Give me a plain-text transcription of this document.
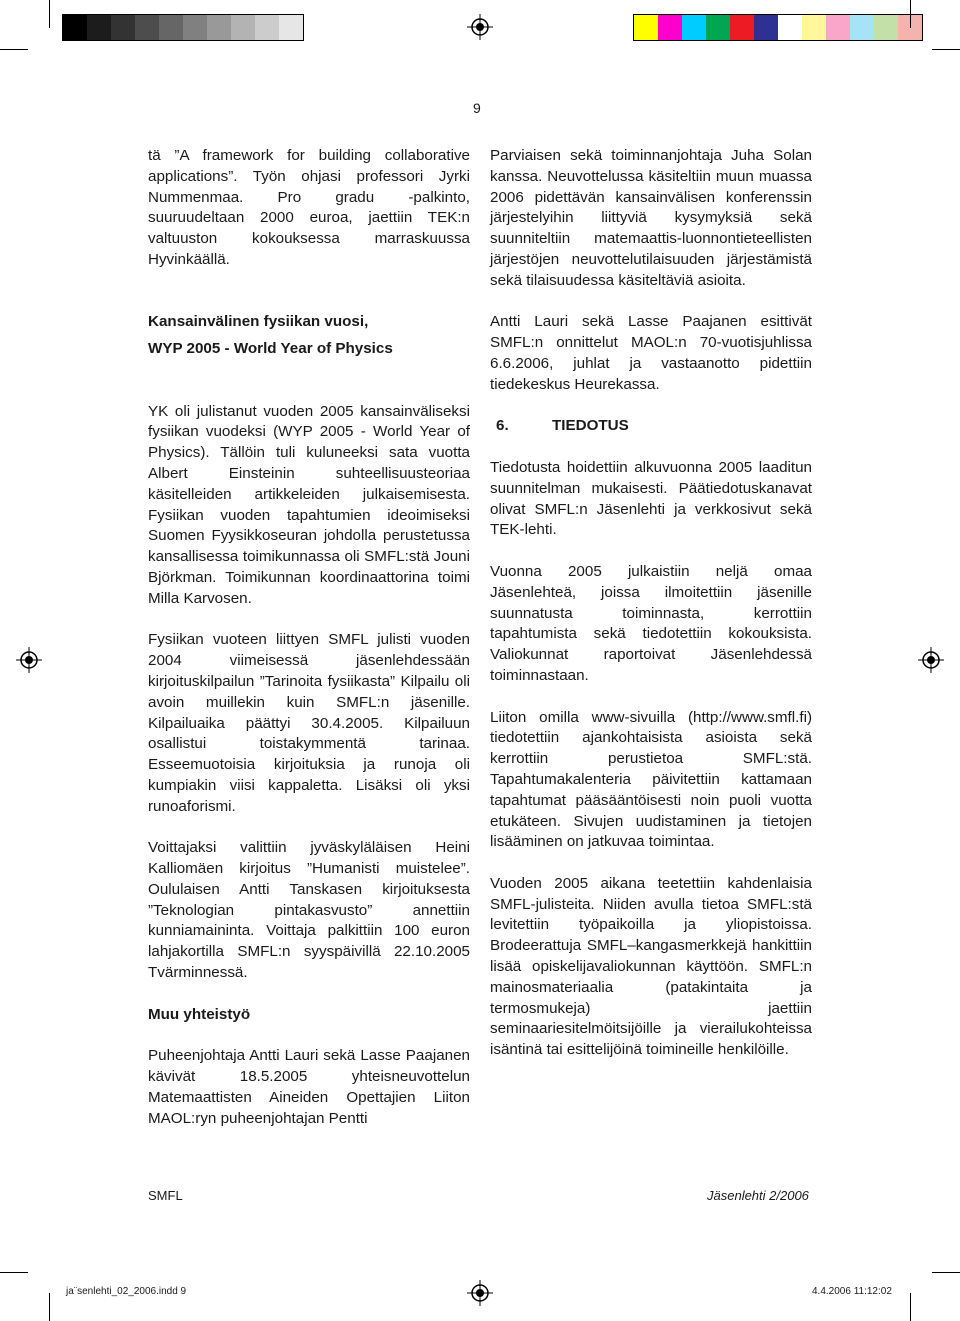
9

tä ”A framework for building collaborative applications”. Työn ohjasi professori Jyrki Nummenmaa. Pro gradu -palkinto, suuruudeltaan 2000 euroa, jaettiin TEK:n valtuuston kokouksessa marraskuussa Hyvinkäällä.

Kansainvälinen fysiikan vuosi,

WYP 2005 - World Year of Physics

YK oli julistanut vuoden 2005 kansainväliseksi fysiikan vuodeksi (WYP 2005 - World Year of Physics). Tällöin tuli kuluneeksi sata vuotta Albert Einsteinin suhteellisuusteoriaa käsitelleiden artikkeleiden julkaisemisesta. Fysiikan vuoden tapahtumien ideoimiseksi Suomen Fyysikkoseuran johdolla perustetussa kansallisessa toimikunnassa oli SMFL:stä Jouni Björkman. Toimikunnan koordinaattorina toimi Milla Karvosen.

Fysiikan vuoteen liittyen SMFL julisti vuoden 2004 viimeisessä jäsenlehdessään kirjoituskilpailun ”Tarinoita fysiikasta” Kilpailu oli avoin muillekin kuin SMFL:n jäsenille. Kilpailuaika päättyi 30.4.2005. Kilpailuun osallistui toistakymmentä tarinaa. Esseemuotoisia kirjoituksia ja runoja oli kumpiakin viisi kappaletta. Lisäksi oli yksi runoaforismi.

Voittajaksi valittiin jyväskyläläisen Heini Kalliomäen kirjoitus ”Humanisti muistelee”. Oululaisen Antti Tanskasen kirjoituksesta ”Teknologian pintakasvusto” annettiin kunniamaininta. Voittaja palkittiin 100 euron lahjakortilla SMFL:n syyspäivillä 22.10.2005 Tvärminnessä.

Muu yhteistyö

Puheenjohtaja Antti Lauri sekä Lasse Paajanen kävivät 18.5.2005 yhteisneuvottelun Matemaattisten Aineiden Opettajien Liiton MAOL:ryn puheenjohtajan Pentti

Parviaisen sekä toiminnanjohtaja Juha Solan kanssa. Neuvottelussa käsiteltiin muun muassa 2006 pidettävän kansainvälisen konferenssin järjestelyihin liittyviä kysymyksiä sekä suunniteltiin matemaattis-luonnontieteellisten järjestöjen neuvottelutilaisuuden järjestämistä sekä tilaisuudessa käsiteltäviä asioita.

Antti Lauri sekä Lasse Paajanen esittivät SMFL:n onnittelut MAOL:n 70-vuotisjuhlissa 6.6.2006, juhlat ja vastaanotto pidettiin tiedekeskus Heurekassa.

6.	TIEDOTUS

Tiedotusta hoidettiin alkuvuonna 2005 laaditun suunnitelman mukaisesti. Päätiedotuskanavat olivat SMFL:n Jäsenlehti ja verkkosivut sekä TEK-lehti.

Vuonna 2005 julkaistiin neljä omaa Jäsenlehteä, joissa ilmoitettiin jäsenille suunnatusta toiminnasta, kerrottiin tapahtumista sekä tiedotettiin kokouksista. Valiokunnat raportoivat Jäsenlehdessä toiminnastaan.

Liiton omilla www-sivuilla (http://www.smfl.fi) tiedotettiin ajankohtaisista asioista sekä kerrottiin perustietoa SMFL:stä. Tapahtumakalenteria päivitettiin kattamaan tapahtumat pääsääntöisesti noin puoli vuotta etukäteen. Sivujen uudistaminen ja tietojen lisääminen on jatkuvaa toimintaa.

Vuoden 2005 aikana teetettiin kahdenlaisia SMFL-julisteita. Niiden avulla tietoa SMFL:stä levitettiin työpaikoilla ja yliopistoissa. Brodeerattuja SMFL–kangasmerkkejä hankittiin lisää opiskelijavaliokunnan käyttöön. SMFL:n mainosmateriaalia (patakintaita ja termosmukeja) jaettiin seminaariesitelmöitsijöille ja vierailukohteissa isäntinä tai esittelijöinä toimineille henkilöille.

SMFL	Jäsenlehti 2/2006
ja¨senlehti_02_2006.indd 9	4.4.2006 11:12:02
